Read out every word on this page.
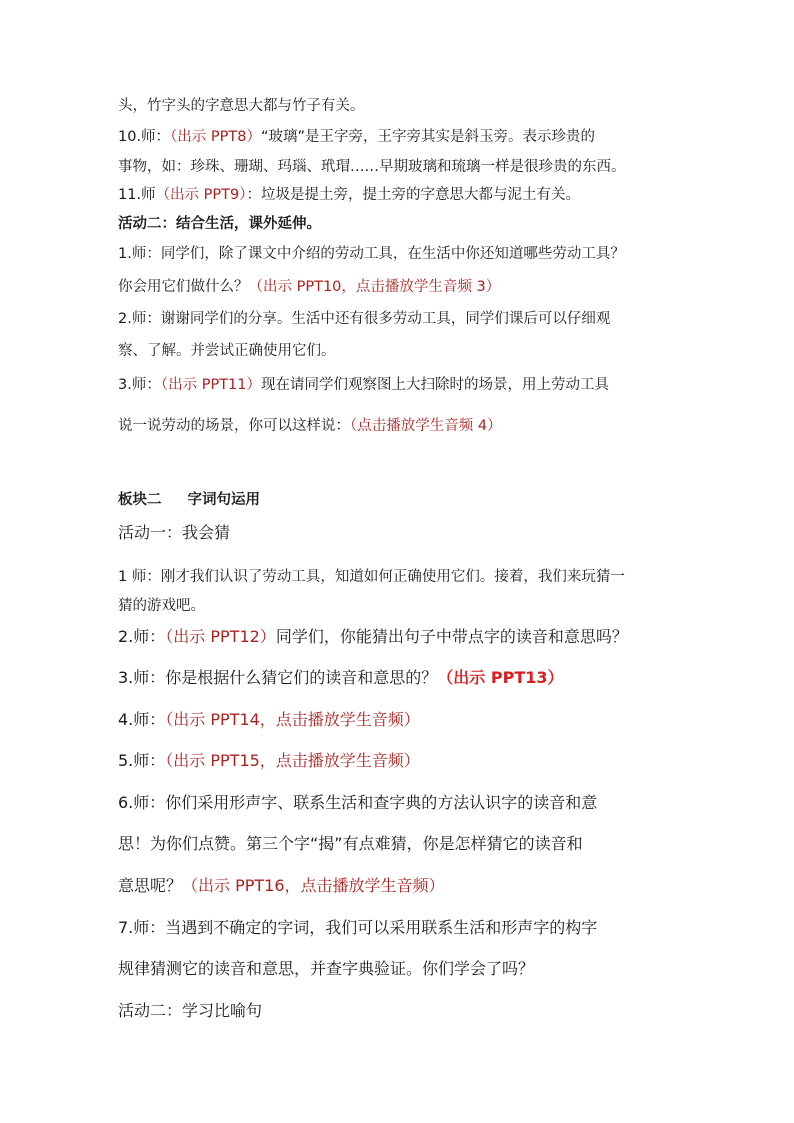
头，竹字头的字意思大都与竹子有关。
10.师：（出示 PPT8）“玻璃”是王字旁，王字旁其实是斜玉旁。表示珍贵的
事物，如：珍珠、珊瑚、玛瑙、玳瑁……早期玻璃和琉璃一样是很珍贵的东西。
11.师（出示 PPT9）：垃圾是提土旁，提土旁的字意思大都与泥土有关。
活动二：结合生活，课外延伸。
1.师：同学们，除了课文中介绍的劳动工具，在生活中你还知道哪些劳动工具？
你会用它们做什么？（出示 PPT10，点击播放学生音频 3）
2.师：谢谢同学们的分享。生活中还有很多劳动工具，同学们课后可以仔细观
察、了解。并尝试正确使用它们。
3.师：（出示 PPT11）现在请同学们观察图上大扫除时的场景，用上劳动工具
说一说劳动的场景，你可以这样说：（点击播放学生音频 4）
板块二 字词句运用
活动一：我会猜
1 师：刚才我们认识了劳动工具，知道如何正确使用它们。接着，我们来玩猜一
猜的游戏吧。
2.师：（出示 PPT12）同学们，你能猜出句子中带点字的读音和意思吗？
3.师：你是根据什么猜它们的读音和意思的？（出示 PPT13）
4.师：（出示 PPT14，点击播放学生音频）
5.师：（出示 PPT15，点击播放学生音频）
6.师：你们采用形声字、联系生活和查字典的方法认识字的读音和意
思！为你们点赞。第三个字“揭”有点难猜，你是怎样猜它的读音和
意思呢？（出示 PPT16，点击播放学生音频）
7.师：当遇到不确定的字词，我们可以采用联系生活和形声字的构字
规律猜测它的读音和意思，并查字典验证。你们学会了吗？
活动二：学习比喻句
